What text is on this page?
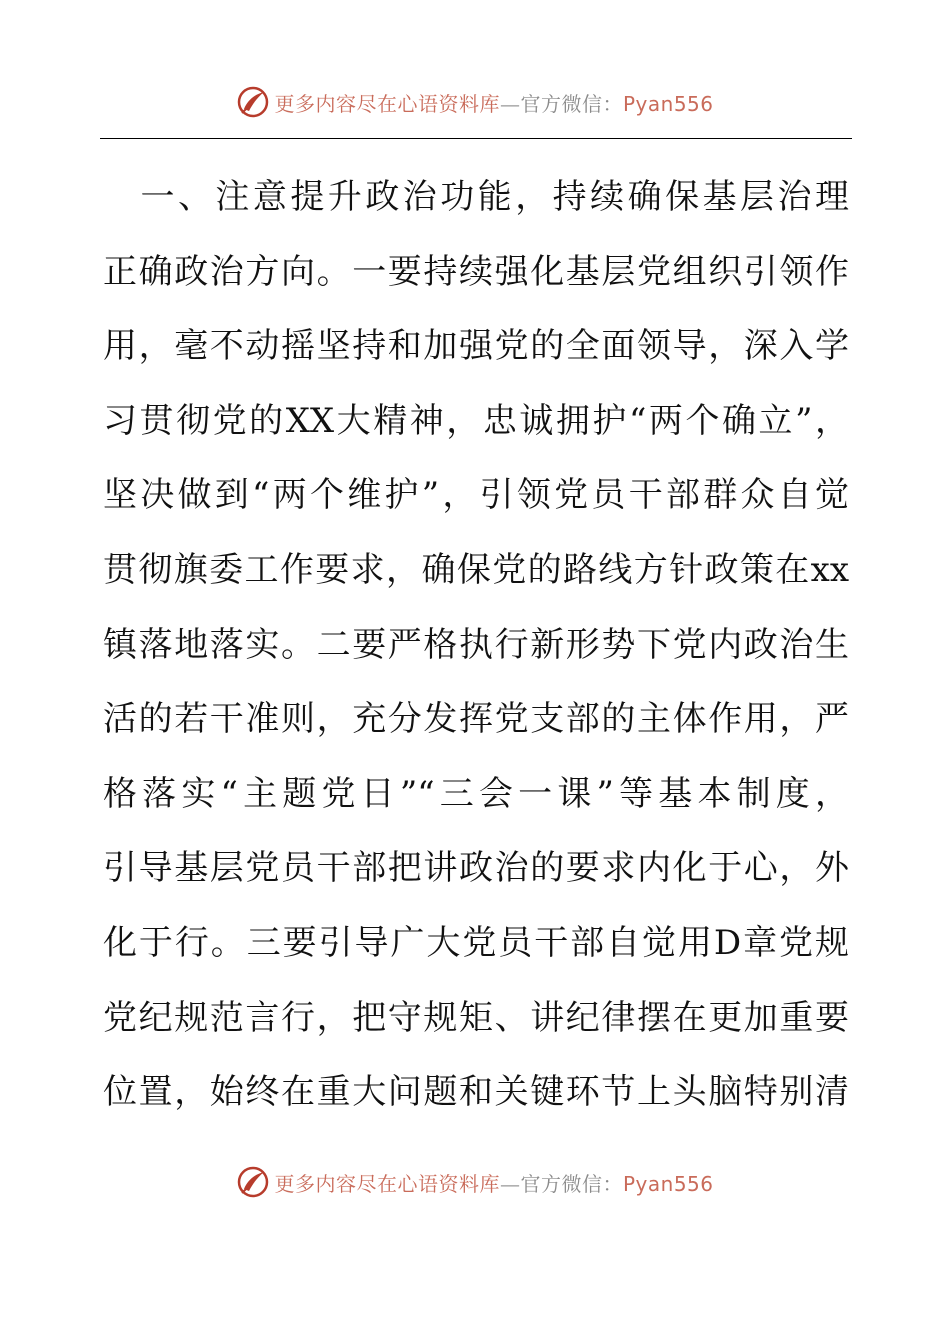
更多内容尽在心语资料库—官方微信：Pyan556
　一、注意提升政治功能，持续确保基层治理
正确政治方向。一要持续强化基层党组织引领作
用，毫不动摇坚持和加强党的全面领导，深入学
习贯彻党的XX大精神，忠诚拥护“两个确立”，
坚决做到“两个维护”，引领党员干部群众自觉
贯彻旗委工作要求，确保党的路线方针政策在xx
镇落地落实。二要严格执行新形势下党内政治生
活的若干准则，充分发挥党支部的主体作用，严
格落实“主题党日”“三会一课”等基本制度，
引导基层党员干部把讲政治的要求内化于心，外
化于行。三要引导广大党员干部自觉用D章党规
党纪规范言行，把守规矩、讲纪律摆在更加重要
位置，始终在重大问题和关键环节上头脑特别清
更多内容尽在心语资料库—官方微信：Pyan556
